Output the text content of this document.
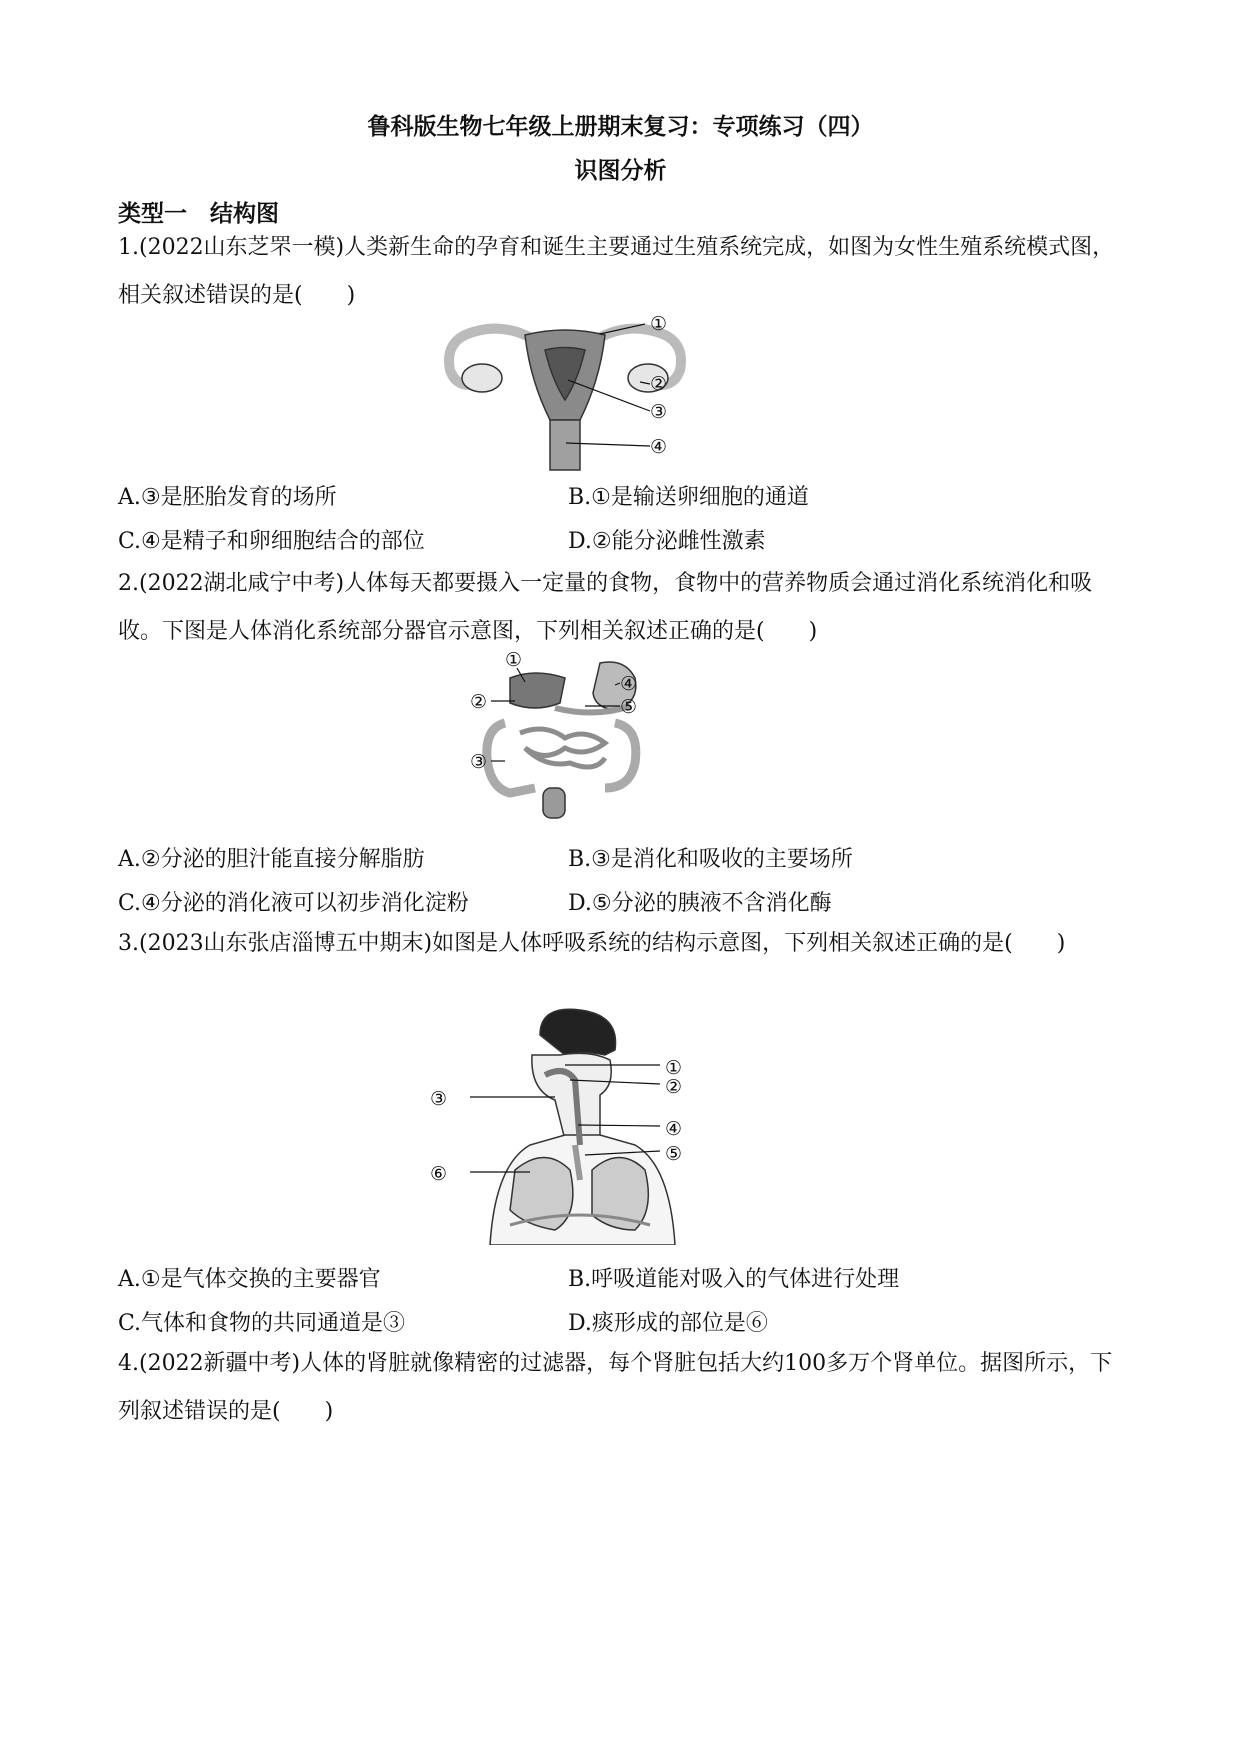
鲁科版生物七年级上册期末复习：专项练习（四）
识图分析
类型一　结构图
1.(2022山东芝罘一模)人类新生命的孕育和诞生主要通过生殖系统完成，如图为女性生殖系统模式图，相关叙述错误的是(　　)
①
②
③
④
A.③是胚胎发育的场所	B.①是输送卵细胞的通道
C.④是精子和卵细胞结合的部位	D.②能分泌雌性激素
2.(2022湖北咸宁中考)人体每天都要摄入一定量的食物，食物中的营养物质会通过消化系统消化和吸收。下图是人体消化系统部分器官示意图，下列相关叙述正确的是(　　)
①
②
③
④
⑤
A.②分泌的胆汁能直接分解脂肪	B.③是消化和吸收的主要场所
C.④分泌的消化液可以初步消化淀粉	D.⑤分泌的胰液不含消化酶
3.(2023山东张店淄博五中期末)如图是人体呼吸系统的结构示意图，下列相关叙述正确的是(　　)
①
②
③
④
⑤
⑥
A.①是气体交换的主要器官	B.呼吸道能对吸入的气体进行处理
C.气体和食物的共同通道是③	D.痰形成的部位是⑥
4.(2022新疆中考)人体的肾脏就像精密的过滤器，每个肾脏包括大约100多万个肾单位。据图所示，下列叙述错误的是(　　)
